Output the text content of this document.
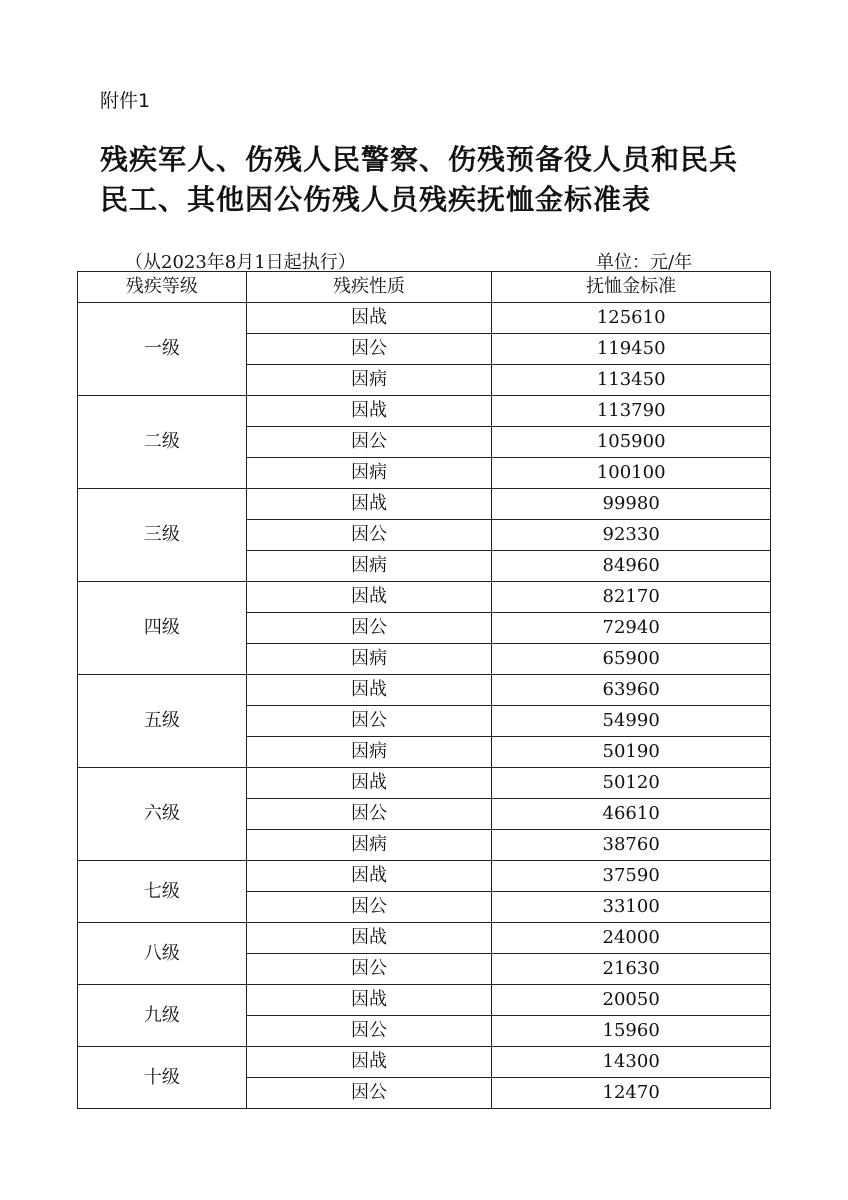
附件1
残疾军人、伤残人民警察、伤残预备役人员和民兵
民工、其他因公伤残人员残疾抚恤金标准表
（从2023年8月1日起执行）	单位：元/年
残疾等级	残疾性质	抚恤金标准
一级	因战	125610
	因公	119450
	因病	113450
二级	因战	113790
	因公	105900
	因病	100100
三级	因战	99980
	因公	92330
	因病	84960
四级	因战	82170
	因公	72940
	因病	65900
五级	因战	63960
	因公	54990
	因病	50190
六级	因战	50120
	因公	46610
	因病	38760
七级	因战	37590
	因公	33100
八级	因战	24000
	因公	21630
九级	因战	20050
	因公	15960
十级	因战	14300
	因公	12470
